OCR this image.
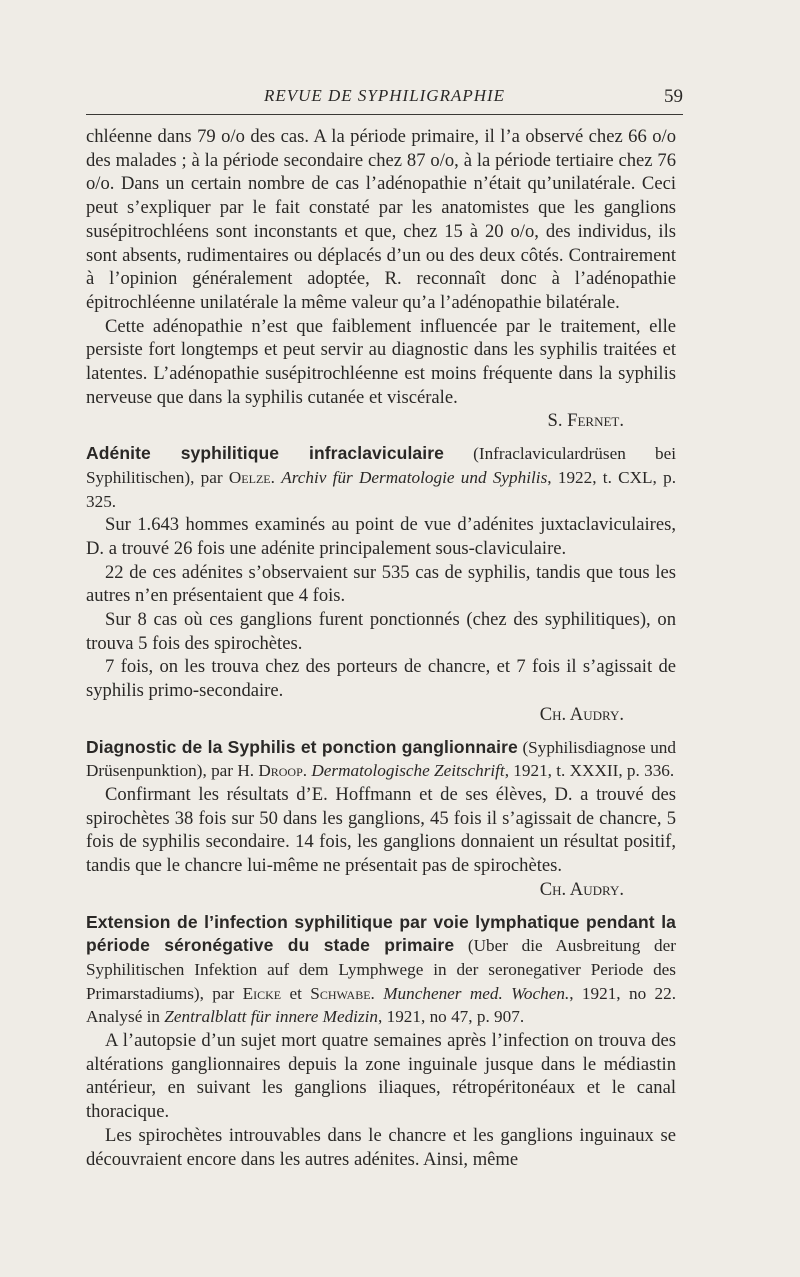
REVUE DE SYPHILIGRAPHIE	59

chléenne dans 79 o/o des cas. A la période primaire, il l’a observé chez 66 o/o des malades ; à la période secondaire chez 87 o/o, à la période tertiaire chez 76 o/o. Dans un certain nombre de cas l’adénopathie n’était qu’unilatérale. Ceci peut s’expliquer par le fait constaté par les anatomistes que les ganglions susépitrochléens sont inconstants et que, chez 15 à 20 o/o, des individus, ils sont absents, rudimentaires ou déplacés d’un ou des deux côtés. Contrairement à l’opinion généralement adoptée, R. reconnaît donc à l’adénopathie épitrochléenne unilatérale la même valeur qu’a l’adénopathie bilatérale.

Cette adénopathie n’est que faiblement influencée par le traitement, elle persiste fort longtemps et peut servir au diagnostic dans les syphilis traitées et latentes. L’adénopathie susépitrochléenne est moins fréquente dans la syphilis nerveuse que dans la syphilis cutanée et viscérale.

S. Fernet.

Adénite syphilitique infraclaviculaire (Infraclaviculardrüsen bei Syphilitischen), par Oelze. Archiv für Dermatologie und Syphilis, 1922, t. CXL, p. 325.

Sur 1.643 hommes examinés au point de vue d’adénites juxtaclaviculaires, D. a trouvé 26 fois une adénite principalement sous-claviculaire.

22 de ces adénites s’observaient sur 535 cas de syphilis, tandis que tous les autres n’en présentaient que 4 fois.

Sur 8 cas où ces ganglions furent ponctionnés (chez des syphilitiques), on trouva 5 fois des spirochètes.

7 fois, on les trouva chez des porteurs de chancre, et 7 fois il s’agissait de syphilis primo-secondaire.

Ch. Audry.

Diagnostic de la Syphilis et ponction ganglionnaire (Syphilisdiagnose und Drüsenpunktion), par H. Droop. Dermatologische Zeitschrift, 1921, t. XXXII, p. 336.

Confirmant les résultats d’E. Hoffmann et de ses élèves, D. a trouvé des spirochètes 38 fois sur 50 dans les ganglions, 45 fois il s’agissait de chancre, 5 fois de syphilis secondaire. 14 fois, les ganglions donnaient un résultat positif, tandis que le chancre lui-même ne présentait pas de spirochètes.

Ch. Audry.

Extension de l’infection syphilitique par voie lymphatique pendant la période séronégative du stade primaire (Uber die Ausbreitung der Syphilitischen Infektion auf dem Lymphwege in der seronegativer Periode des Primarstadiums), par Eicke et Schwabe. Munchener med. Wochen., 1921, no 22. Analysé in Zentralblatt für innere Medizin, 1921, no 47, p. 907.

A l’autopsie d’un sujet mort quatre semaines après l’infection on trouva des altérations ganglionnaires depuis la zone inguinale jusque dans le médiastin antérieur, en suivant les ganglions iliaques, rétropéritonéaux et le canal thoracique.

Les spirochètes introuvables dans le chancre et les ganglions inguinaux se découvraient encore dans les autres adénites. Ainsi, même
